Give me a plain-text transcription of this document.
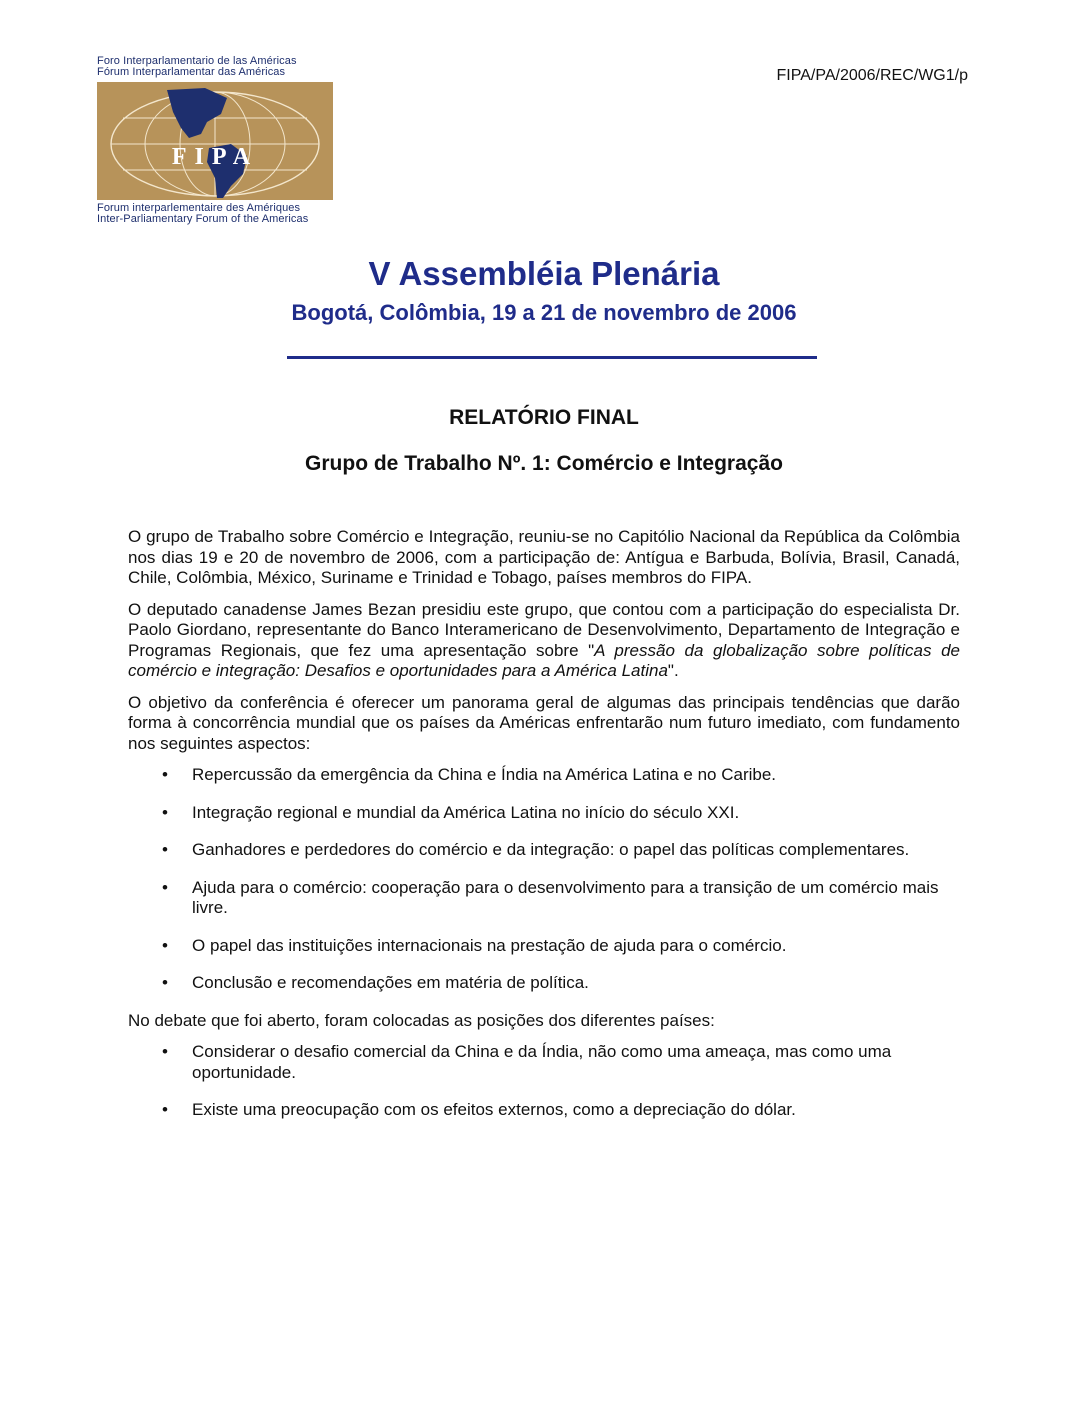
Foro Interparlamentario de las Américas
Fórum Interparlamentar das Américas
FIPA
Forum interparlementaire des Amériques
Inter-Parliamentary Forum of the Americas
FIPA/PA/2006/REC/WG1/p
V Assembléia Plenária
Bogotá, Colômbia, 19 a 21 de novembro de 2006
RELATÓRIO FINAL
Grupo de Trabalho Nº. 1: Comércio e Integração

O grupo de Trabalho sobre Comércio e Integração, reuniu-se no Capitólio Nacional da República da Colômbia nos dias 19 e 20 de novembro de 2006, com a participação de: Antígua e Barbuda, Bolívia, Brasil, Canadá, Chile, Colômbia, México, Suriname e Trinidad e Tobago, países membros do FIPA.

O deputado canadense James Bezan presidiu este grupo, que contou com a participação do especialista Dr. Paolo Giordano, representante do Banco Interamericano de Desenvolvimento, Departamento de Integração e Programas Regionais, que fez uma apresentação sobre "A pressão da globalização sobre políticas de comércio e integração: Desafios e oportunidades para a América Latina".

O objetivo da conferência é oferecer um panorama geral de algumas das principais tendências que darão forma à concorrência mundial que os países da Américas enfrentarão num futuro imediato, com fundamento nos seguintes aspectos:

• Repercussão da emergência da China e Índia na América Latina e no Caribe.
• Integração regional e mundial da América Latina no início do século XXI.
• Ganhadores e perdedores do comércio e da integração: o papel das políticas complementares.
• Ajuda para o comércio: cooperação para o desenvolvimento para a transição de um comércio mais livre.
• O papel das instituições internacionais na prestação de ajuda para o comércio.
• Conclusão e recomendações em matéria de política.

No debate que foi aberto, foram colocadas as posições dos diferentes países:

• Considerar o desafio comercial da China e da Índia, não como uma ameaça, mas como uma oportunidade.
• Existe uma preocupação com os efeitos externos, como a depreciação do dólar.
